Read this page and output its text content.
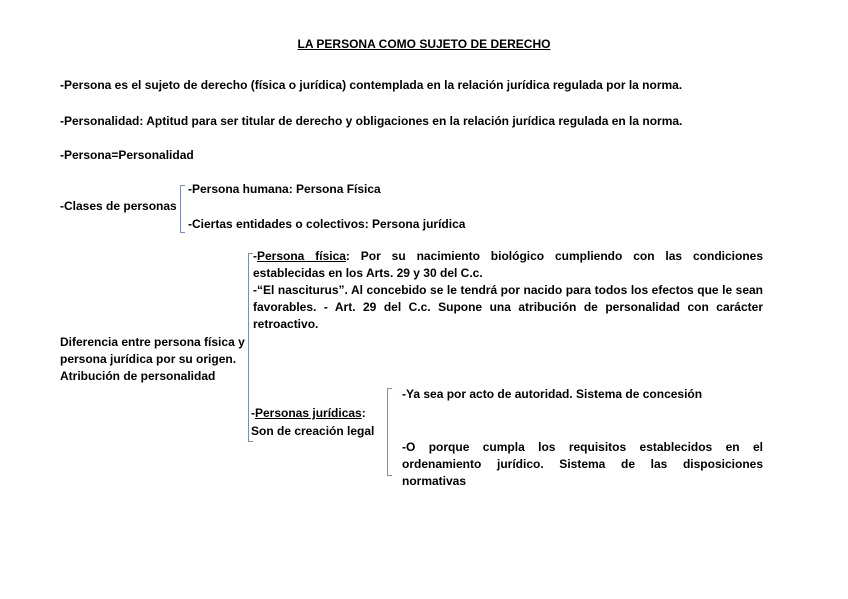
LA PERSONA COMO SUJETO DE DERECHO
-Persona es el sujeto de derecho (física o jurídica) contemplada en la relación jurídica regulada por la norma.
-Personalidad: Aptitud para ser titular de derecho y obligaciones en la relación jurídica regulada en la norma.
-Persona=Personalidad
-Clases de personas
-Persona humana: Persona Física
-Ciertas entidades o colectivos: Persona jurídica
Diferencia entre persona física y
persona jurídica por su origen.
Atribución de personalidad
-Persona física: Por su nacimiento biológico cumpliendo con las condiciones establecidas en los Arts. 29 y 30 del C.c.
-“El nasciturus”. Al concebido se le tendrá por nacido para todos los efectos que le sean favorables. - Art. 29 del C.c. Supone una atribución de personalidad con carácter retroactivo.
-Personas jurídicas:
Son de creación legal
-Ya sea por acto de autoridad. Sistema de concesión
-O porque cumpla los requisitos establecidos en el ordenamiento jurídico. Sistema de las disposiciones normativas
